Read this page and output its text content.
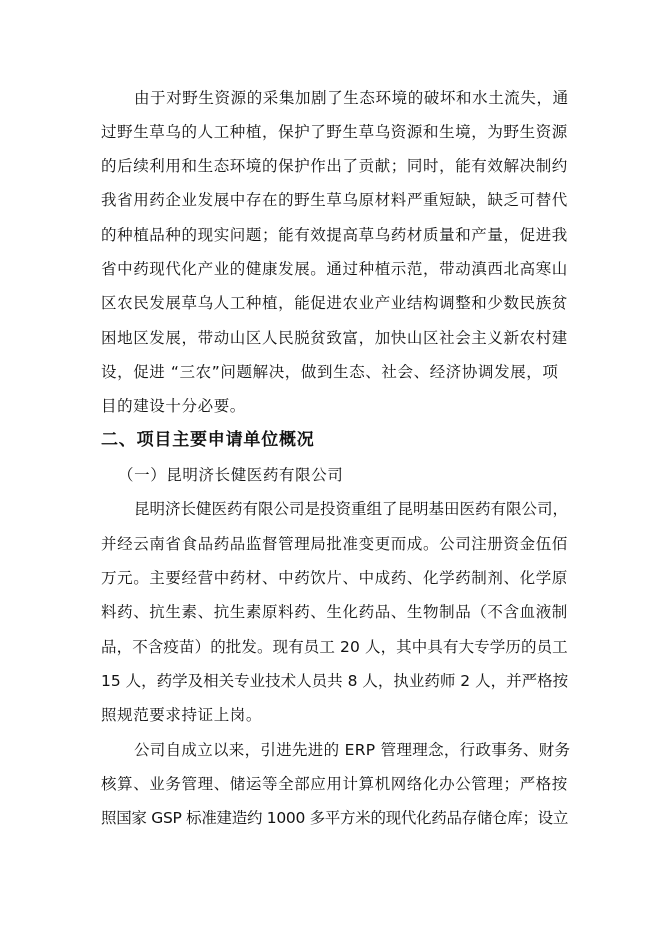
由于对野生资源的采集加剧了生态环境的破坏和水土流失，通
过野生草乌的人工种植，保护了野生草乌资源和生境，为野生资源
的后续利用和生态环境的保护作出了贡献；同时，能有效解决制约
我省用药企业发展中存在的野生草乌原材料严重短缺，缺乏可替代
的种植品种的现实问题；能有效提高草乌药材质量和产量，促进我
省中药现代化产业的健康发展。通过种植示范，带动滇西北高寒山
区农民发展草乌人工种植，能促进农业产业结构调整和少数民族贫
困地区发展，带动山区人民脱贫致富，加快山区社会主义新农村建
设，促进 “三农”问题解决，做到生态、社会、经济协调发展，项
目的建设十分必要。
二、项目主要申请单位概况
（一）昆明济长健医药有限公司
昆明济长健医药有限公司是投资重组了昆明基田医药有限公司，
并经云南省食品药品监督管理局批准变更而成。公司注册资金伍佰
万元。主要经营中药材、中药饮片、中成药、化学药制剂、化学原
料药、抗生素、抗生素原料药、生化药品、生物制品（不含血液制
品，不含疫苗）的批发。现有员工 20 人，其中具有大专学历的员工
15 人，药学及相关专业技术人员共 8 人，执业药师 2 人，并严格按
照规范要求持证上岗。
公司自成立以来，引进先进的 ERP 管理理念，行政事务、财务
核算、业务管理、储运等全部应用计算机网络化办公管理；严格按
照国家 GSP 标准建造约 1000 多平方米的现代化药品存储仓库；设立
